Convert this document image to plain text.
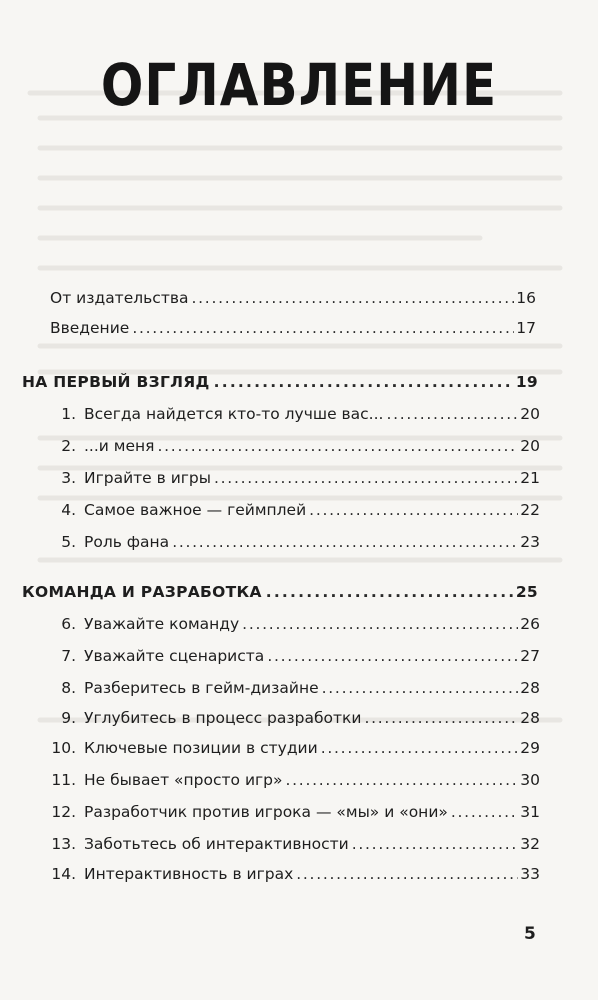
ОГЛАВЛЕНИЕ
От издательства . . .	16
Введение . . .	17
НА ПЕРВЫЙ ВЗГЛЯД . . .	19
1. Всегда найдется кто-то лучше вас... . . .	20
2. ...и меня . . .	20
3. Играйте в игры . . .	21
4. Самое важное — геймплей . . .	22
5. Роль фана . . .	23
КОМАНДА И РАЗРАБОТКА . . .	25
6. Уважайте команду . . .	26
7. Уважайте сценариста . . .	27
8. Разберитесь в гейм-дизайне . . .	28
9. Углубитесь в процесс разработки . . .	28
10. Ключевые позиции в студии . . .	29
11. Не бывает «просто игр» . . .	30
12. Разработчик против игрока — «мы» и «они» . . .	31
13. Заботьтесь об интерактивности . . .	32
14. Интерактивность в играх . . .	33
5
